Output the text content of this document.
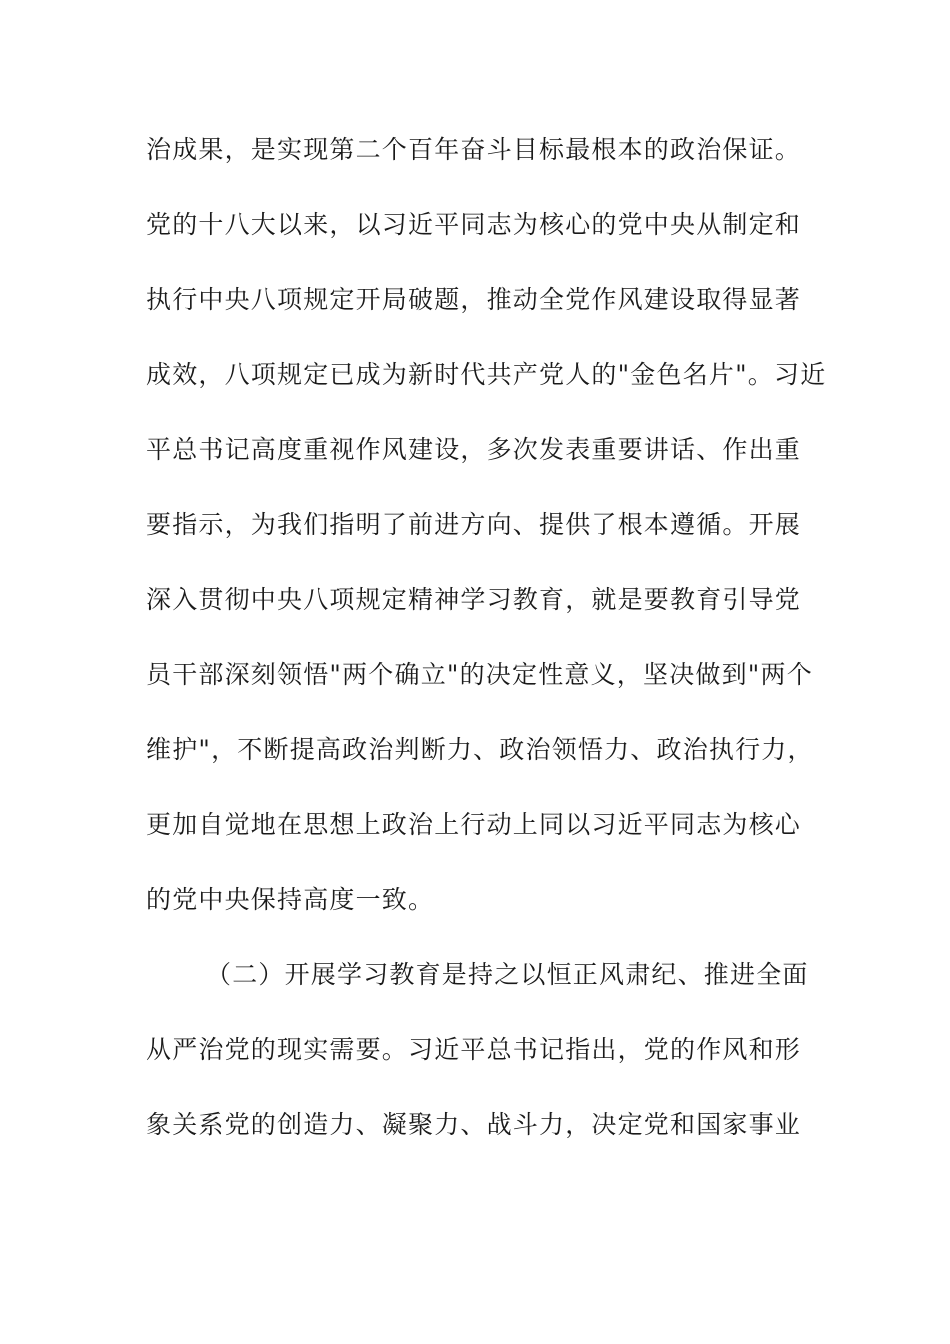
治成果，是实现第二个百年奋斗目标最根本的政治保证。
党的十八大以来，以习近平同志为核心的党中央从制定和
执行中央八项规定开局破题，推动全党作风建设取得显著
成效，八项规定已成为新时代共产党人的"金色名片"。习近
平总书记高度重视作风建设，多次发表重要讲话、作出重
要指示，为我们指明了前进方向、提供了根本遵循。开展
深入贯彻中央八项规定精神学习教育，就是要教育引导党
员干部深刻领悟"两个确立"的决定性意义，坚决做到"两个
维护"，不断提高政治判断力、政治领悟力、政治执行力，
更加自觉地在思想上政治上行动上同以习近平同志为核心
的党中央保持高度一致。
（二）开展学习教育是持之以恒正风肃纪、推进全面
从严治党的现实需要。习近平总书记指出，党的作风和形
象关系党的创造力、凝聚力、战斗力，决定党和国家事业
